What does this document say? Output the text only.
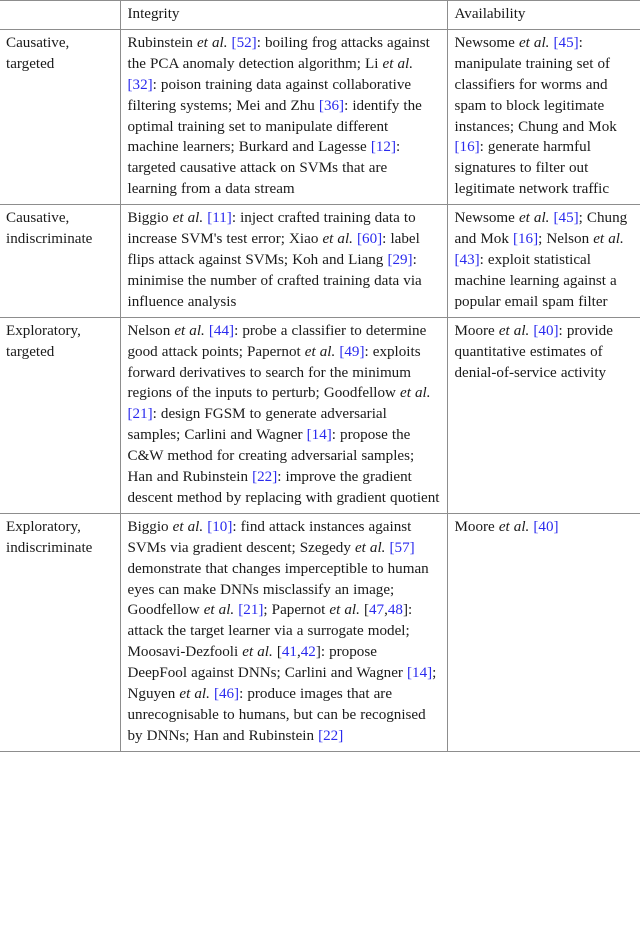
	Integrity	Availability

Causative,
targeted	Rubinstein et al. [52]: boiling frog attacks against the PCA anomaly detection algorithm; Li et al. [32]: poison training data against collaborative filtering systems; Mei and Zhu [36]: identify the optimal training set to manipulate different machine learners; Burkard and Lagesse [12]: targeted causative attack on SVMs that are learning from a data stream	Newsome et al. [45]: manipulate training set of classifiers for worms and spam to block legitimate instances; Chung and Mok [16]: generate harmful signatures to filter out legitimate network traffic

Causative,
indiscriminate	Biggio et al. [11]: inject crafted training data to increase SVM's test error; Xiao et al. [60]: label flips attack against SVMs; Koh and Liang [29]: minimise the number of crafted training data via influence analysis	Newsome et al. [45]; Chung and Mok [16]; Nelson et al. [43]: exploit statistical machine learning against a popular email spam filter

Exploratory,
targeted	Nelson et al. [44]: probe a classifier to determine good attack points; Papernot et al. [49]: exploits forward derivatives to search for the minimum regions of the inputs to perturb; Goodfellow et al. [21]: design FGSM to generate adversarial samples; Carlini and Wagner [14]: propose the C&W method for creating adversarial samples; Han and Rubinstein [22]: improve the gradient descent method by replacing with gradient quotient	Moore et al. [40]: provide quantitative estimates of denial-of-service activity

Exploratory,
indiscriminate	Biggio et al. [10]: find attack instances against SVMs via gradient descent; Szegedy et al. [57] demonstrate that changes imperceptible to human eyes can make DNNs misclassify an image; Goodfellow et al. [21]; Papernot et al. [47,48]: attack the target learner via a surrogate model; Moosavi-Dezfooli et al. [41,42]: propose DeepFool against DNNs; Carlini and Wagner [14]; Nguyen et al. [46]: produce images that are unrecognisable to humans, but can be recognised by DNNs; Han and Rubinstein [22]	Moore et al. [40]
